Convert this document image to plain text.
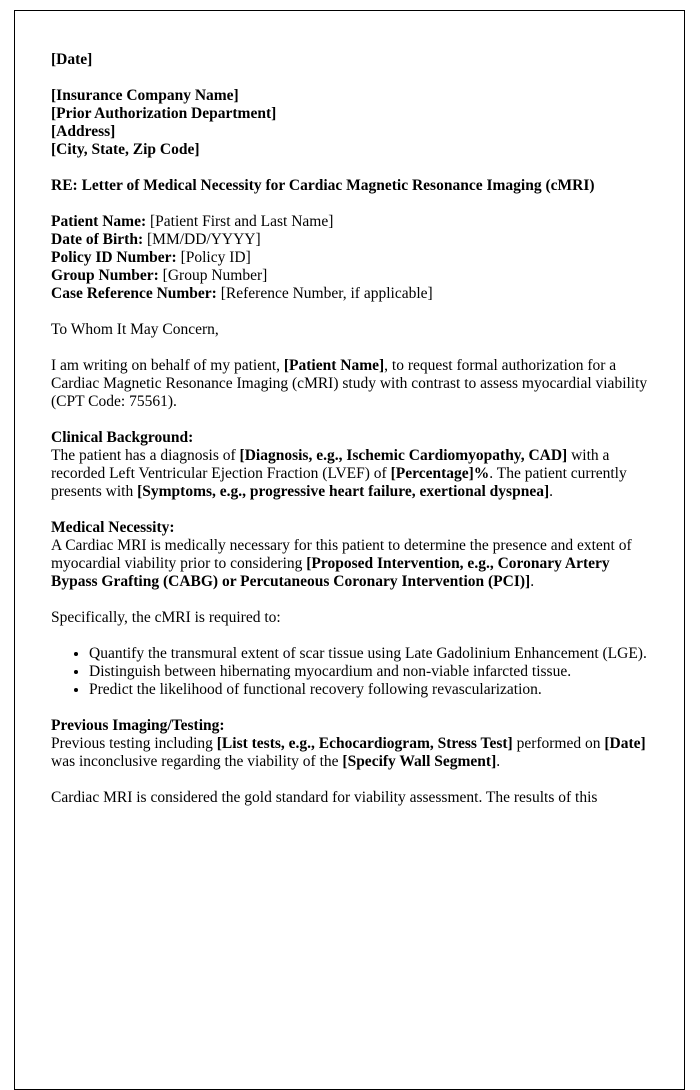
[Date]
[Insurance Company Name]
[Prior Authorization Department]
[Address]
[City, State, Zip Code]
RE: Letter of Medical Necessity for Cardiac Magnetic Resonance Imaging (cMRI)
Patient Name: [Patient First and Last Name]
Date of Birth: [MM/DD/YYYY]
Policy ID Number: [Policy ID]
Group Number: [Group Number]
Case Reference Number: [Reference Number, if applicable]
To Whom It May Concern,
I am writing on behalf of my patient, [Patient Name], to request formal authorization for a Cardiac Magnetic Resonance Imaging (cMRI) study with contrast to assess myocardial viability (CPT Code: 75561).
Clinical Background:
The patient has a diagnosis of [Diagnosis, e.g., Ischemic Cardiomyopathy, CAD] with a recorded Left Ventricular Ejection Fraction (LVEF) of [Percentage]%. The patient currently presents with [Symptoms, e.g., progressive heart failure, exertional dyspnea].
Medical Necessity:
A Cardiac MRI is medically necessary for this patient to determine the presence and extent of myocardial viability prior to considering [Proposed Intervention, e.g., Coronary Artery Bypass Grafting (CABG) or Percutaneous Coronary Intervention (PCI)].
Specifically, the cMRI is required to:
• Quantify the transmural extent of scar tissue using Late Gadolinium Enhancement (LGE).
• Distinguish between hibernating myocardium and non-viable infarcted tissue.
• Predict the likelihood of functional recovery following revascularization.
Previous Imaging/Testing:
Previous testing including [List tests, e.g., Echocardiogram, Stress Test] performed on [Date] was inconclusive regarding the viability of the [Specify Wall Segment].
Cardiac MRI is considered the gold standard for viability assessment. The results of this
